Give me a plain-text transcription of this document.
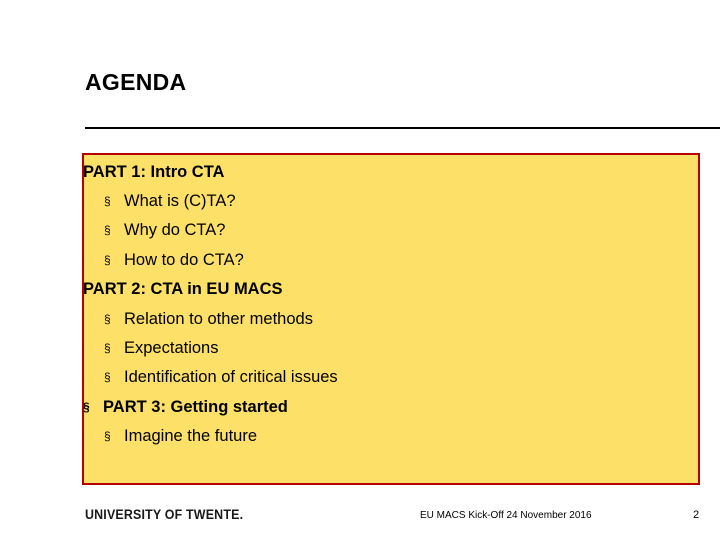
AGENDA
PART 1: Intro CTA
§ What is (C)TA?
§ Why do CTA?
§ How to do CTA?
PART 2: CTA in EU MACS
§ Relation to other methods
§ Expectations
§ Identification of critical issues
§ PART 3: Getting started
§ Imagine the future
UNIVERSITY OF TWENTE.	EU MACS Kick-Off 24 November 2016	2
